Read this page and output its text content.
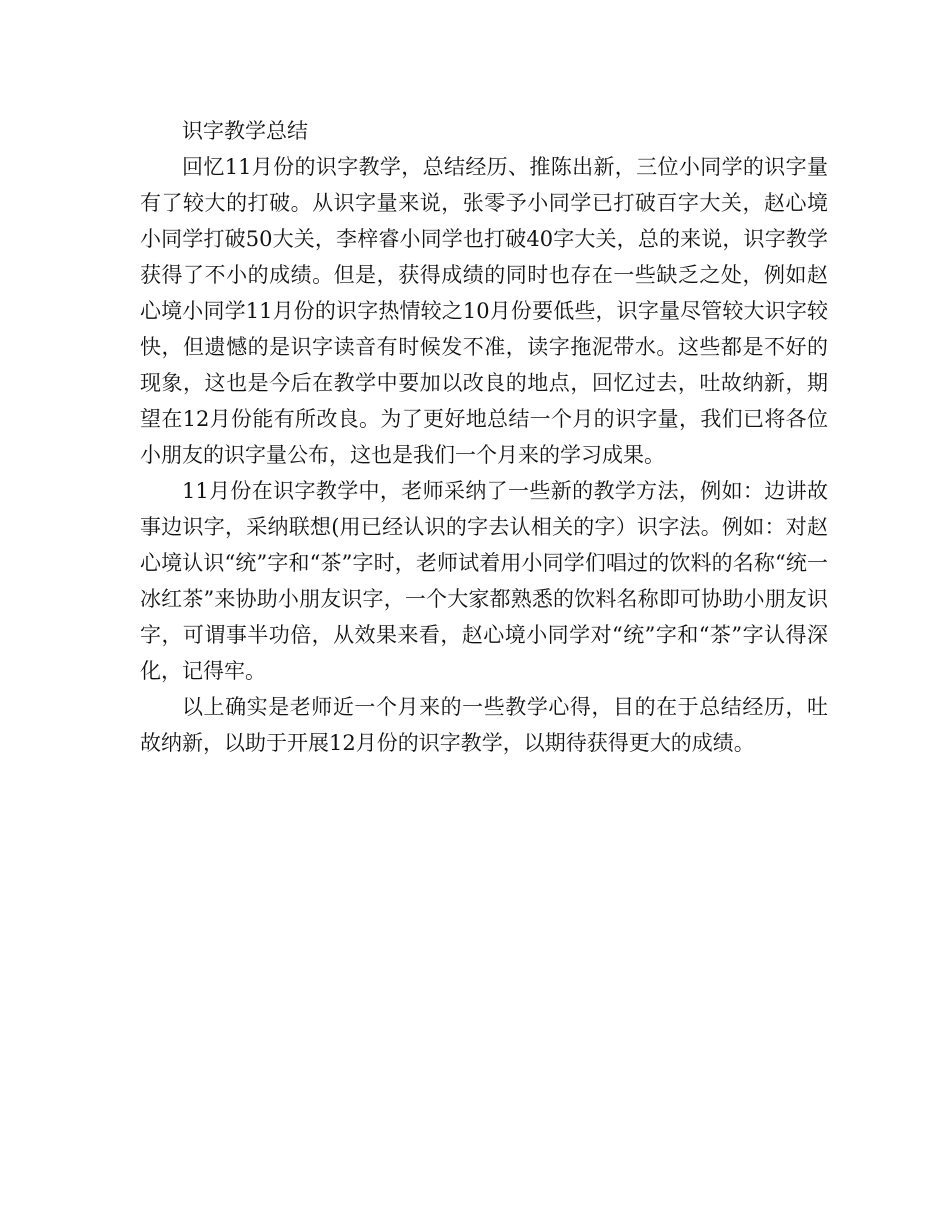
识字教学总结

回忆11月份的识字教学，总结经历、推陈出新，三位小同学的识字量有了较大的打破。从识字量来说，张零予小同学已打破百字大关，赵心境小同学打破50大关，李梓睿小同学也打破40字大关，总的来说，识字教学获得了不小的成绩。但是，获得成绩的同时也存在一些缺乏之处，例如赵心境小同学11月份的识字热情较之10月份要低些，识字量尽管较大识字较快，但遗憾的是识字读音有时候发不准，读字拖泥带水。这些都是不好的现象，这也是今后在教学中要加以改良的地点，回忆过去，吐故纳新，期望在12月份能有所改良。为了更好地总结一个月的识字量，我们已将各位小朋友的识字量公布，这也是我们一个月来的学习成果。

11月份在识字教学中，老师采纳了一些新的教学方法，例如：边讲故事边识字，采纳联想(用已经认识的字去认相关的字）识字法。例如：对赵心境认识“统”字和“茶”字时，老师试着用小同学们唱过的饮料的名称“统一冰红茶”来协助小朋友识字，一个大家都熟悉的饮料名称即可协助小朋友识字，可谓事半功倍，从效果来看，赵心境小同学对“统”字和“茶”字认得深化，记得牢。

以上确实是老师近一个月来的一些教学心得，目的在于总结经历，吐故纳新，以助于开展12月份的识字教学，以期待获得更大的成绩。
